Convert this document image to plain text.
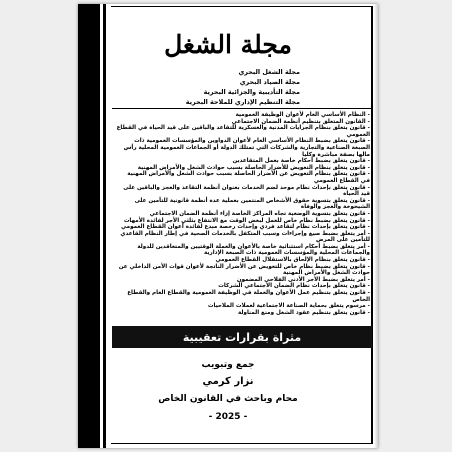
مجلة الشغل
مجلة الشغل البحري
مجلة الصياد البحري
مجلة التأديبية والجزائية البحرية
مجلة التنظيم الإداري للملاحة البحرية
- النظام الأساسي العام لأعوان الوظيفة العمومية
- القانون المتعلق بتنظيم أنظمة الضمان الاجتماعي
- قانون يتعلق بنظام الجرايات المدنية والعسكرية للتقاعد والباقين على قيد الحياة في القطاع العمومي
- قانون يتعلق بضبط النظام الأساسي العام لأعوان الدواوين والمؤسسات العمومية ذات الصبغة الصناعية والتجارية والشركات التي تمتلك الدولة أو الجماعات العمومية المحلية رأس مالها بصفة مباشرة وكليا
- قانون يتعلق بضبط أحكام خاصة بعمل المتقاعدين
- قانون يتعلق بنظام التعويض للأضرار الحاصلة بسبب حوادث الشغل والأمراض المهنية
- قانون يتعلق بنظام التعويض عن الأضرار الحاصلة بسبب حوادث الشغل والأمراض المهنية في القطاع العمومي
- قانون يتعلق بإحداث نظام موحد لضم الخدمات بعنوان أنظمة التقاعد والعجز والباقين على قيد الحياة
- قانون يتعلق بتسوية حقوق الأشخاص المنتمين بعملية عدة أنظمة قانونية للتأمين على الشيخوخة والعجز والوفاة
- قانون يتعلق بتسوية الوضعية تجاه المراكز الخاصة إزاء أنظمة الضمان الاجتماعي
- قانون يتعلق بضبط نظام خاص للعمل لبعض الوقت مع الانتفاع بثلثي الأجر لفائدة الأمهات
- قانون يتعلق بإحداث نظام لتقاعد فردي وإحداث رخصة مبدع لفائدة أعوان القطاع العمومي
- أمر يتعلق بضبط صيغ وإجراءات وسبب المتكفل بالخدمات الصحية في إطار النظام القاعدي للتأمين على المرض
- أمر يتعلق بضبط أحكام استثنائية خاصة بالأعوان والعملة الوقتيين والمتعاقدين للدولة والجماعات المحلية والمؤسسات العمومية ذات الصبغة الإدارية
- قانون يتعلق بنظام الإلحاق بالاستقلال القطاع العمومي
- قانون يتعلق بضبط نظام خاص للتعويض عن الأضرار الناتجة لأعوان قوات الأمن الداخلي عن حوادث الشغل والأمراض المهنية
- أمر يتعلق بضبط الأجر الأدنى الفلاحي المضمون
- قانون يتعلق بإحداث نظام الضمان الاجتماعي الشركات
- قانون يتعلق بتنظيم عمل الأعوان والعملة في الوظيفة العمومية والقطاع العام والقطاع الخاص
- مرسوم يتعلق بحماية الصناعة الاجتماعية لعملات الملاحيات
- قانون يتعلق بتنظيم عقود الشغل ومنع المناولة
مثراة بقرارات تعقيبية
جمع وتبويب
نزار كرمي
محام وباحث في القانون الخاص
- 2025 -
